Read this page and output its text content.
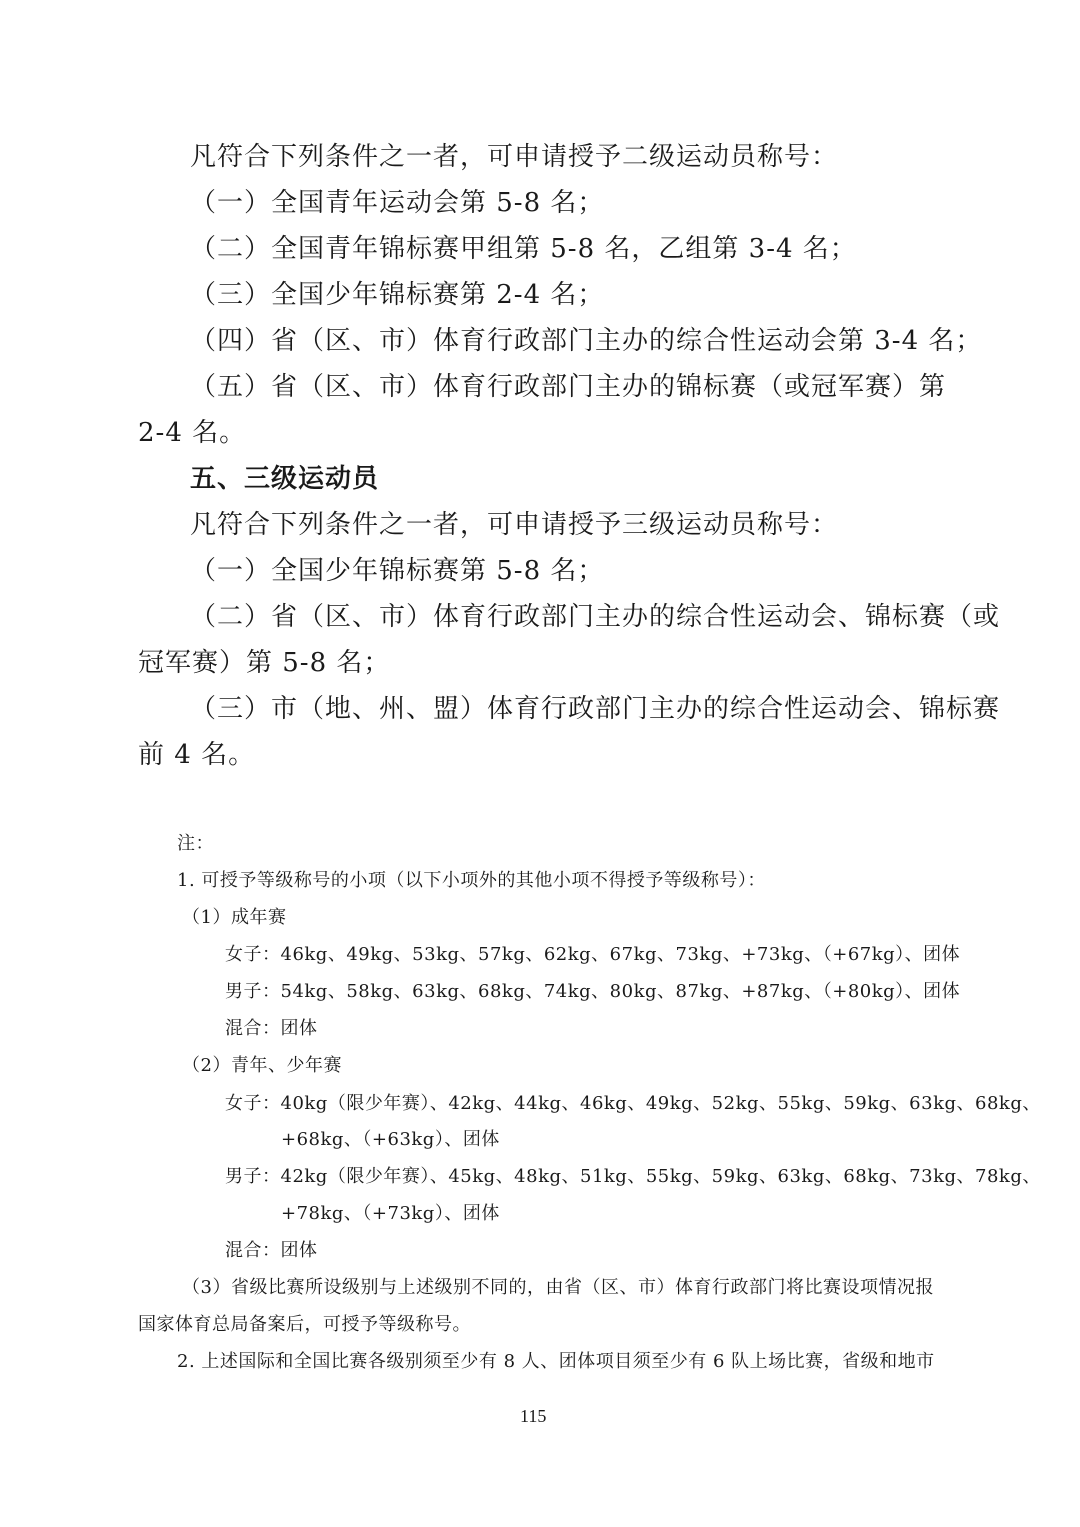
凡符合下列条件之一者，可申请授予二级运动员称号：
（一）全国青年运动会第 5-8 名；
（二）全国青年锦标赛甲组第 5-8 名，乙组第 3-4 名；
（三）全国少年锦标赛第 2-4 名；
（四）省（区、市）体育行政部门主办的综合性运动会第 3-4 名；
（五）省（区、市）体育行政部门主办的锦标赛（或冠军赛）第
2-4 名。
五、三级运动员
凡符合下列条件之一者，可申请授予三级运动员称号：
（一）全国少年锦标赛第 5-8 名；
（二）省（区、市）体育行政部门主办的综合性运动会、锦标赛（或
冠军赛）第 5-8 名；
（三）市（地、州、盟）体育行政部门主办的综合性运动会、锦标赛
前 4 名。
注：
1. 可授予等级称号的小项（以下小项外的其他小项不得授予等级称号）：
（1）成年赛
女子：46kg、49kg、53kg、57kg、62kg、67kg、73kg、+73kg、（+67kg）、团体
男子：54kg、58kg、63kg、68kg、74kg、80kg、87kg、+87kg、（+80kg）、团体
混合：团体
（2）青年、少年赛
女子：40kg（限少年赛）、42kg、44kg、46kg、49kg、52kg、55kg、59kg、63kg、68kg、
+68kg、（+63kg）、团体
男子：42kg（限少年赛）、45kg、48kg、51kg、55kg、59kg、63kg、68kg、73kg、78kg、
+78kg、（+73kg）、团体
混合：团体
（3）省级比赛所设级别与上述级别不同的，由省（区、市）体育行政部门将比赛设项情况报
国家体育总局备案后，可授予等级称号。
2. 上述国际和全国比赛各级别须至少有 8 人、团体项目须至少有 6 队上场比赛，省级和地市
115
